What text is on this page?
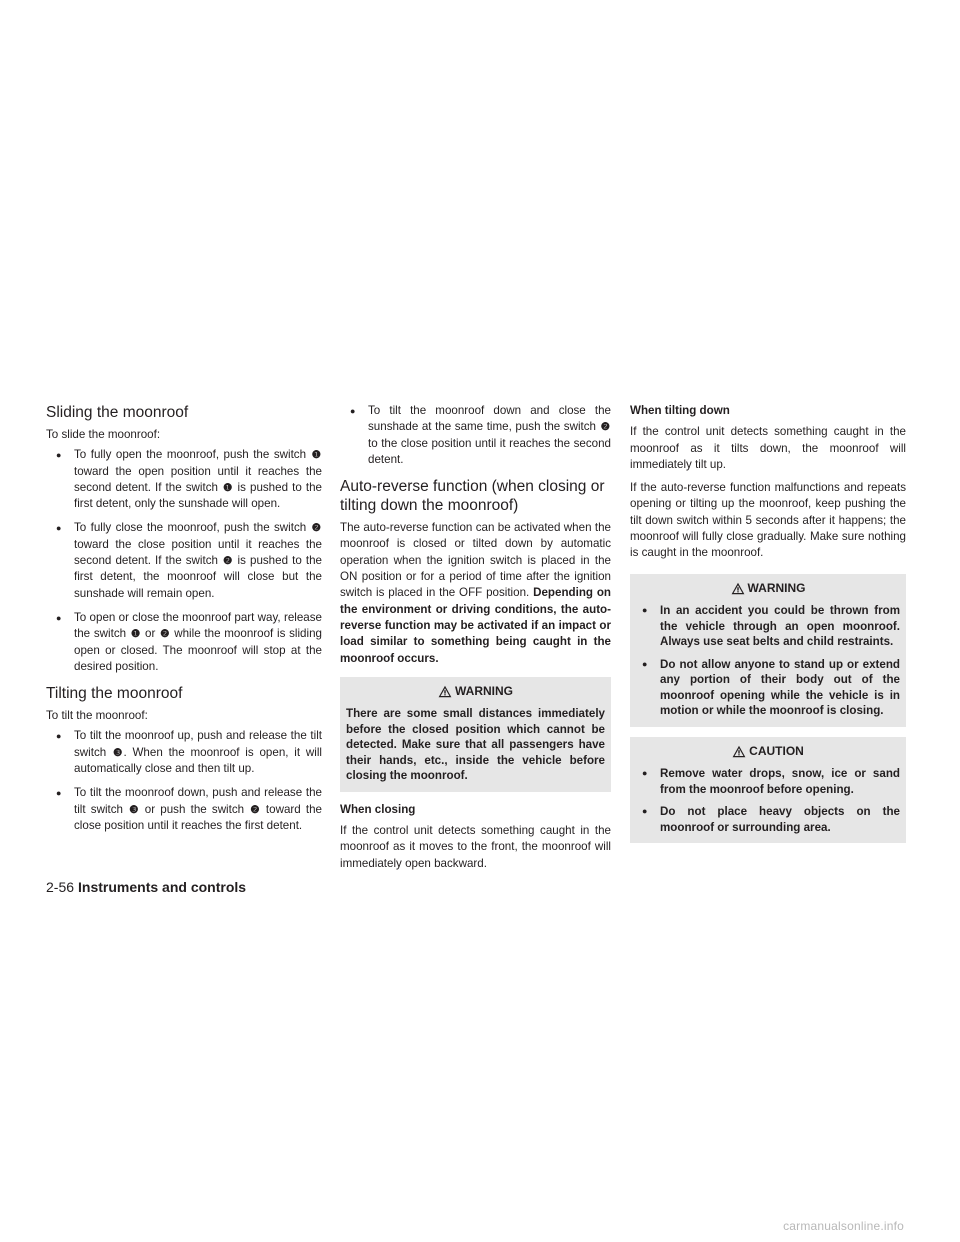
Sliding the moonroof

To slide the moonroof:

● To fully open the moonroof, push the switch ❶ toward the open position until it reaches the second detent. If the switch ❶ is pushed to the first detent, only the sunshade will open.
● To fully close the moonroof, push the switch ❷ toward the close position until it reaches the second detent. If the switch ❷ is pushed to the first detent, the moonroof will close but the sunshade will remain open.
● To open or close the moonroof part way, release the switch ❶ or ❷ while the moonroof is sliding open or closed. The moonroof will stop at the desired position.
Tilting the moonroof

To tilt the moonroof:

● To tilt the moonroof up, push and release the tilt switch ❸. When the moonroof is open, it will automatically close and then tilt up.
● To tilt the moonroof down, push and release the tilt switch ❸ or push the switch ❷ toward the close position until it reaches the first detent.
● To tilt the moonroof down and close the sunshade at the same time, push the switch ❷ to the close position until it reaches the second detent.
Auto-reverse function (when closing or tilting down the moonroof)

The auto-reverse function can be activated when the moonroof is closed or tilted down by automatic operation when the ignition switch is placed in the ON position or for a period of time after the ignition switch is placed in the OFF position. Depending on the environment or driving conditions, the auto-reverse function may be activated if an impact or load similar to something being caught in the moonroof occurs.

WARNING

There are some small distances immediately before the closed position which cannot be detected. Make sure that all passengers have their hands, etc., inside the vehicle before closing the moonroof.

When closing

If the control unit detects something caught in the moonroof as it moves to the front, the moonroof will immediately open backward.

When tilting down

If the control unit detects something caught in the moonroof as it tilts down, the moonroof will immediately tilt up.

If the auto-reverse function malfunctions and repeats opening or tilting up the moonroof, keep pushing the tilt down switch within 5 seconds after it happens; the moonroof will fully close gradually. Make sure nothing is caught in the moonroof.

WARNING
● In an accident you could be thrown from the vehicle through an open moonroof. Always use seat belts and child restraints.
● Do not allow anyone to stand up or extend any portion of their body out of the moonroof opening while the vehicle is in motion or while the moonroof is closing.
CAUTION
● Remove water drops, snow, ice or sand from the moonroof before opening.
● Do not place heavy objects on the moonroof or surrounding area.
2-56 Instruments and controls
carmanualsonline.info
